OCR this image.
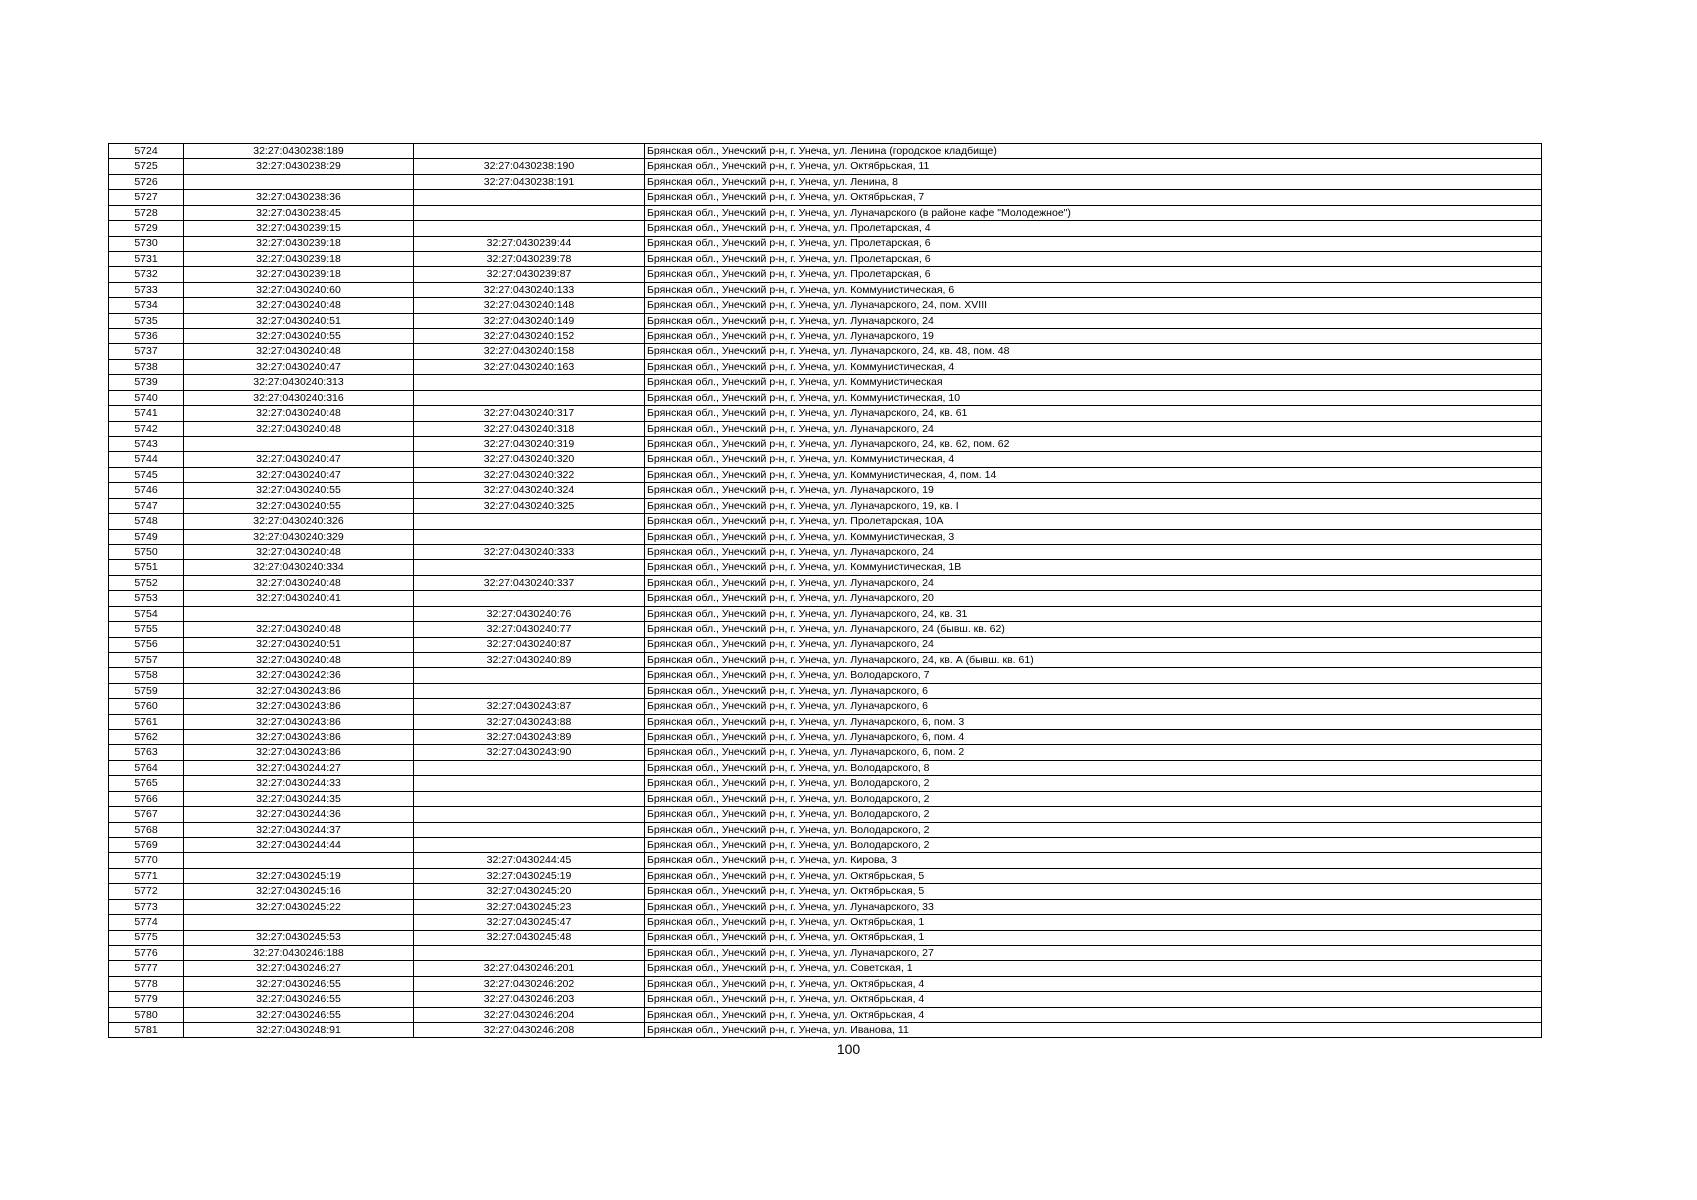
5724	32:27:0430238:189		Брянская обл., Унечский р-н, г. Унеча, ул. Ленина (городское кладбище)
5725	32:27:0430238:29	32:27:0430238:190	Брянская обл., Унечский р-н, г. Унеча, ул. Октябрьская, 11
5726		32:27:0430238:191	Брянская обл., Унечский р-н, г. Унеча, ул. Ленина, 8
5727	32:27:0430238:36		Брянская обл., Унечский р-н, г. Унеча, ул. Октябрьская, 7
5728	32:27:0430238:45		Брянская обл., Унечский р-н, г. Унеча, ул. Луначарского (в районе кафе "Молодежное")
5729	32:27:0430239:15		Брянская обл., Унечский р-н, г. Унеча, ул. Пролетарская, 4
5730	32:27:0430239:18	32:27:0430239:44	Брянская обл., Унечский р-н, г. Унеча, ул. Пролетарская, 6
5731	32:27:0430239:18	32:27:0430239:78	Брянская обл., Унечский р-н, г. Унеча, ул. Пролетарская, 6
5732	32:27:0430239:18	32:27:0430239:87	Брянская обл., Унечский р-н, г. Унеча, ул. Пролетарская, 6
5733	32:27:0430240:60	32:27:0430240:133	Брянская обл., Унечский р-н, г. Унеча, ул. Коммунистическая, 6
5734	32:27:0430240:48	32:27:0430240:148	Брянская обл., Унечский р-н, г. Унеча, ул. Луначарского, 24, пом. XVIII
5735	32:27:0430240:51	32:27:0430240:149	Брянская обл., Унечский р-н, г. Унеча, ул. Луначарского, 24
5736	32:27:0430240:55	32:27:0430240:152	Брянская обл., Унечский р-н, г. Унеча, ул. Луначарского, 19
5737	32:27:0430240:48	32:27:0430240:158	Брянская обл., Унечский р-н, г. Унеча, ул. Луначарского, 24, кв. 48, пом. 48
5738	32:27:0430240:47	32:27:0430240:163	Брянская обл., Унечский р-н, г. Унеча, ул. Коммунистическая, 4
5739	32:27:0430240:313		Брянская обл., Унечский р-н, г. Унеча, ул. Коммунистическая
5740	32:27:0430240:316		Брянская обл., Унечский р-н, г. Унеча, ул. Коммунистическая, 10
5741	32:27:0430240:48	32:27:0430240:317	Брянская обл., Унечский р-н, г. Унеча, ул. Луначарского, 24, кв. 61
5742	32:27:0430240:48	32:27:0430240:318	Брянская обл., Унечский р-н, г. Унеча, ул. Луначарского, 24
5743		32:27:0430240:319	Брянская обл., Унечский р-н, г. Унеча, ул. Луначарского, 24, кв. 62, пом. 62
5744	32:27:0430240:47	32:27:0430240:320	Брянская обл., Унечский р-н, г. Унеча, ул. Коммунистическая, 4
5745	32:27:0430240:47	32:27:0430240:322	Брянская обл., Унечский р-н, г. Унеча, ул. Коммунистическая, 4, пом. 14
5746	32:27:0430240:55	32:27:0430240:324	Брянская обл., Унечский р-н, г. Унеча, ул. Луначарского, 19
5747	32:27:0430240:55	32:27:0430240:325	Брянская обл., Унечский р-н, г. Унеча, ул. Луначарского, 19, кв. I
5748	32:27:0430240:326		Брянская обл., Унечский р-н, г. Унеча, ул. Пролетарская, 10А
5749	32:27:0430240:329		Брянская обл., Унечский р-н, г. Унеча, ул. Коммунистическая, 3
5750	32:27:0430240:48	32:27:0430240:333	Брянская обл., Унечский р-н, г. Унеча, ул. Луначарского, 24
5751	32:27:0430240:334		Брянская обл., Унечский р-н, г. Унеча, ул. Коммунистическая, 1В
5752	32:27:0430240:48	32:27:0430240:337	Брянская обл., Унечский р-н, г. Унеча, ул. Луначарского, 24
5753	32:27:0430240:41		Брянская обл., Унечский р-н, г. Унеча, ул. Луначарского, 20
5754		32:27:0430240:76	Брянская обл., Унечский р-н, г. Унеча, ул. Луначарского, 24, кв. 31
5755	32:27:0430240:48	32:27:0430240:77	Брянская обл., Унечский р-н, г. Унеча, ул. Луначарского, 24 (бывш. кв. 62)
5756	32:27:0430240:51	32:27:0430240:87	Брянская обл., Унечский р-н, г. Унеча, ул. Луначарского, 24
5757	32:27:0430240:48	32:27:0430240:89	Брянская обл., Унечский р-н, г. Унеча, ул. Луначарского, 24, кв. А (бывш. кв. 61)
5758	32:27:0430242:36		Брянская обл., Унечский р-н, г. Унеча, ул. Володарского, 7
5759	32:27:0430243:86		Брянская обл., Унечский р-н, г. Унеча, ул. Луначарского, 6
5760	32:27:0430243:86	32:27:0430243:87	Брянская обл., Унечский р-н, г. Унеча, ул. Луначарского, 6
5761	32:27:0430243:86	32:27:0430243:88	Брянская обл., Унечский р-н, г. Унеча, ул. Луначарского, 6, пом. 3
5762	32:27:0430243:86	32:27:0430243:89	Брянская обл., Унечский р-н, г. Унеча, ул. Луначарского, 6, пом. 4
5763	32:27:0430243:86	32:27:0430243:90	Брянская обл., Унечский р-н, г. Унеча, ул. Луначарского, 6, пом. 2
5764	32:27:0430244:27		Брянская обл., Унечский р-н, г. Унеча, ул. Володарского, 8
5765	32:27:0430244:33		Брянская обл., Унечский р-н, г. Унеча, ул. Володарского, 2
5766	32:27:0430244:35		Брянская обл., Унечский р-н, г. Унеча, ул. Володарского, 2
5767	32:27:0430244:36		Брянская обл., Унечский р-н, г. Унеча, ул. Володарского, 2
5768	32:27:0430244:37		Брянская обл., Унечский р-н, г. Унеча, ул. Володарского, 2
5769	32:27:0430244:44		Брянская обл., Унечский р-н, г. Унеча, ул. Володарского, 2
5770		32:27:0430244:45	Брянская обл., Унечский р-н, г. Унеча, ул. Кирова, 3
5771	32:27:0430245:19	32:27:0430245:19	Брянская обл., Унечский р-н, г. Унеча, ул. Октябрьская, 5
5772	32:27:0430245:16	32:27:0430245:20	Брянская обл., Унечский р-н, г. Унеча, ул. Октябрьская, 5
5773	32:27:0430245:22	32:27:0430245:23	Брянская обл., Унечский р-н, г. Унеча, ул. Луначарского, 33
5774		32:27:0430245:47	Брянская обл., Унечский р-н, г. Унеча, ул. Октябрьская, 1
5775	32:27:0430245:53	32:27:0430245:48	Брянская обл., Унечский р-н, г. Унеча, ул. Октябрьская, 1
5776	32:27:0430246:188		Брянская обл., Унечский р-н, г. Унеча, ул. Луначарского, 27
5777	32:27:0430246:27	32:27:0430246:201	Брянская обл., Унечский р-н, г. Унеча, ул. Советская, 1
5778	32:27:0430246:55	32:27:0430246:202	Брянская обл., Унечский р-н, г. Унеча, ул. Октябрьская, 4
5779	32:27:0430246:55	32:27:0430246:203	Брянская обл., Унечский р-н, г. Унеча, ул. Октябрьская, 4
5780	32:27:0430246:55	32:27:0430246:204	Брянская обл., Унечский р-н, г. Унеча, ул. Октябрьская, 4
5781	32:27:0430248:91	32:27:0430246:208	Брянская обл., Унечский р-н, г. Унеча, ул. Иванова, 11
100
